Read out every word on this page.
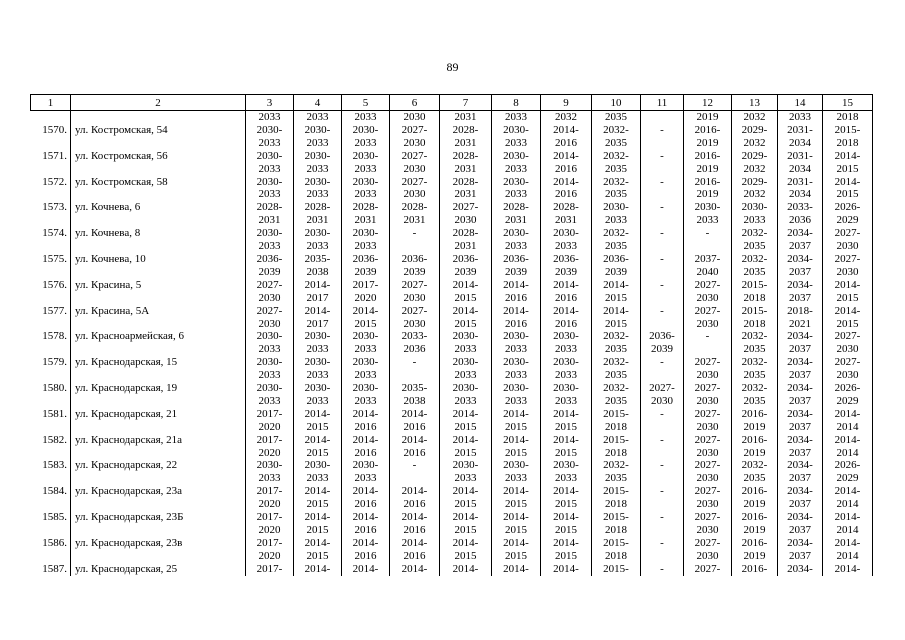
89
1	2	3	4	5	6	7	8	9	10	11	12	13	14	15
		2033	2033	2033	2030	2031	2033	2032	2035		2019	2032	2033	2018
1570.	ул. Костромская, 54	2030-	2030-	2030-	2027-	2028-	2030-	2014-	2032-	-	2016-	2029-	2031-	2015-
		2033	2033	2033	2030	2031	2033	2016	2035		2019	2032	2034	2018
1571.	ул. Костромская, 56	2030-	2030-	2030-	2027-	2028-	2030-	2014-	2032-	-	2016-	2029-	2031-	2014-
		2033	2033	2033	2030	2031	2033	2016	2035		2019	2032	2034	2015
1572.	ул. Костромская, 58	2030-	2030-	2030-	2027-	2028-	2030-	2014-	2032-	-	2016-	2029-	2031-	2014-
		2033	2033	2033	2030	2031	2033	2016	2035		2019	2032	2034	2015
1573.	ул. Кочнева, 6	2028-	2028-	2028-	2028-	2027-	2028-	2028-	2030-	-	2030-	2030-	2033-	2026-
		2031	2031	2031	2031	2030	2031	2031	2033		2033	2033	2036	2029
1574.	ул. Кочнева, 8	2030-	2030-	2030-	-	2028-	2030-	2030-	2032-	-	-	2032-	2034-	2027-
		2033	2033	2033		2031	2033	2033	2035			2035	2037	2030
1575.	ул. Кочнева, 10	2036-	2035-	2036-	2036-	2036-	2036-	2036-	2036-	-	2037-	2032-	2034-	2027-
		2039	2038	2039	2039	2039	2039	2039	2039		2040	2035	2037	2030
1576.	ул. Красина, 5	2027-	2014-	2017-	2027-	2014-	2014-	2014-	2014-	-	2027-	2015-	2034-	2014-
		2030	2017	2020	2030	2015	2016	2016	2015		2030	2018	2037	2015
1577.	ул. Красина, 5А	2027-	2014-	2014-	2027-	2014-	2014-	2014-	2014-	-	2027-	2015-	2018-	2014-
		2030	2017	2015	2030	2015	2016	2016	2015		2030	2018	2021	2015
1578.	ул. Красноармейская, 6	2030-	2030-	2030-	2033-	2030-	2030-	2030-	2032-	2036-	-	2032-	2034-	2027-
		2033	2033	2033	2036	2033	2033	2033	2035	2039		2035	2037	2030
1579.	ул. Краснодарская, 15	2030-	2030-	2030-	-	2030-	2030-	2030-	2032-	-	2027-	2032-	2034-	2027-
		2033	2033	2033		2033	2033	2033	2035		2030	2035	2037	2030
1580.	ул. Краснодарская, 19	2030-	2030-	2030-	2035-	2030-	2030-	2030-	2032-	2027-	2027-	2032-	2034-	2026-
		2033	2033	2033	2038	2033	2033	2033	2035	2030	2030	2035	2037	2029
1581.	ул. Краснодарская, 21	2017-	2014-	2014-	2014-	2014-	2014-	2014-	2015-	-	2027-	2016-	2034-	2014-
		2020	2015	2016	2016	2015	2015	2015	2018		2030	2019	2037	2014
1582.	ул. Краснодарская, 21а	2017-	2014-	2014-	2014-	2014-	2014-	2014-	2015-	-	2027-	2016-	2034-	2014-
		2020	2015	2016	2016	2015	2015	2015	2018		2030	2019	2037	2014
1583.	ул. Краснодарская, 22	2030-	2030-	2030-	-	2030-	2030-	2030-	2032-	-	2027-	2032-	2034-	2026-
		2033	2033	2033		2033	2033	2033	2035		2030	2035	2037	2029
1584.	ул. Краснодарская, 23а	2017-	2014-	2014-	2014-	2014-	2014-	2014-	2015-	-	2027-	2016-	2034-	2014-
		2020	2015	2016	2016	2015	2015	2015	2018		2030	2019	2037	2014
1585.	ул. Краснодарская, 23Б	2017-	2014-	2014-	2014-	2014-	2014-	2014-	2015-	-	2027-	2016-	2034-	2014-
		2020	2015	2016	2016	2015	2015	2015	2018		2030	2019	2037	2014
1586.	ул. Краснодарская, 23в	2017-	2014-	2014-	2014-	2014-	2014-	2014-	2015-	-	2027-	2016-	2034-	2014-
		2020	2015	2016	2016	2015	2015	2015	2018		2030	2019	2037	2014
1587.	ул. Краснодарская, 25	2017-	2014-	2014-	2014-	2014-	2014-	2014-	2015-	-	2027-	2016-	2034-	2014-
